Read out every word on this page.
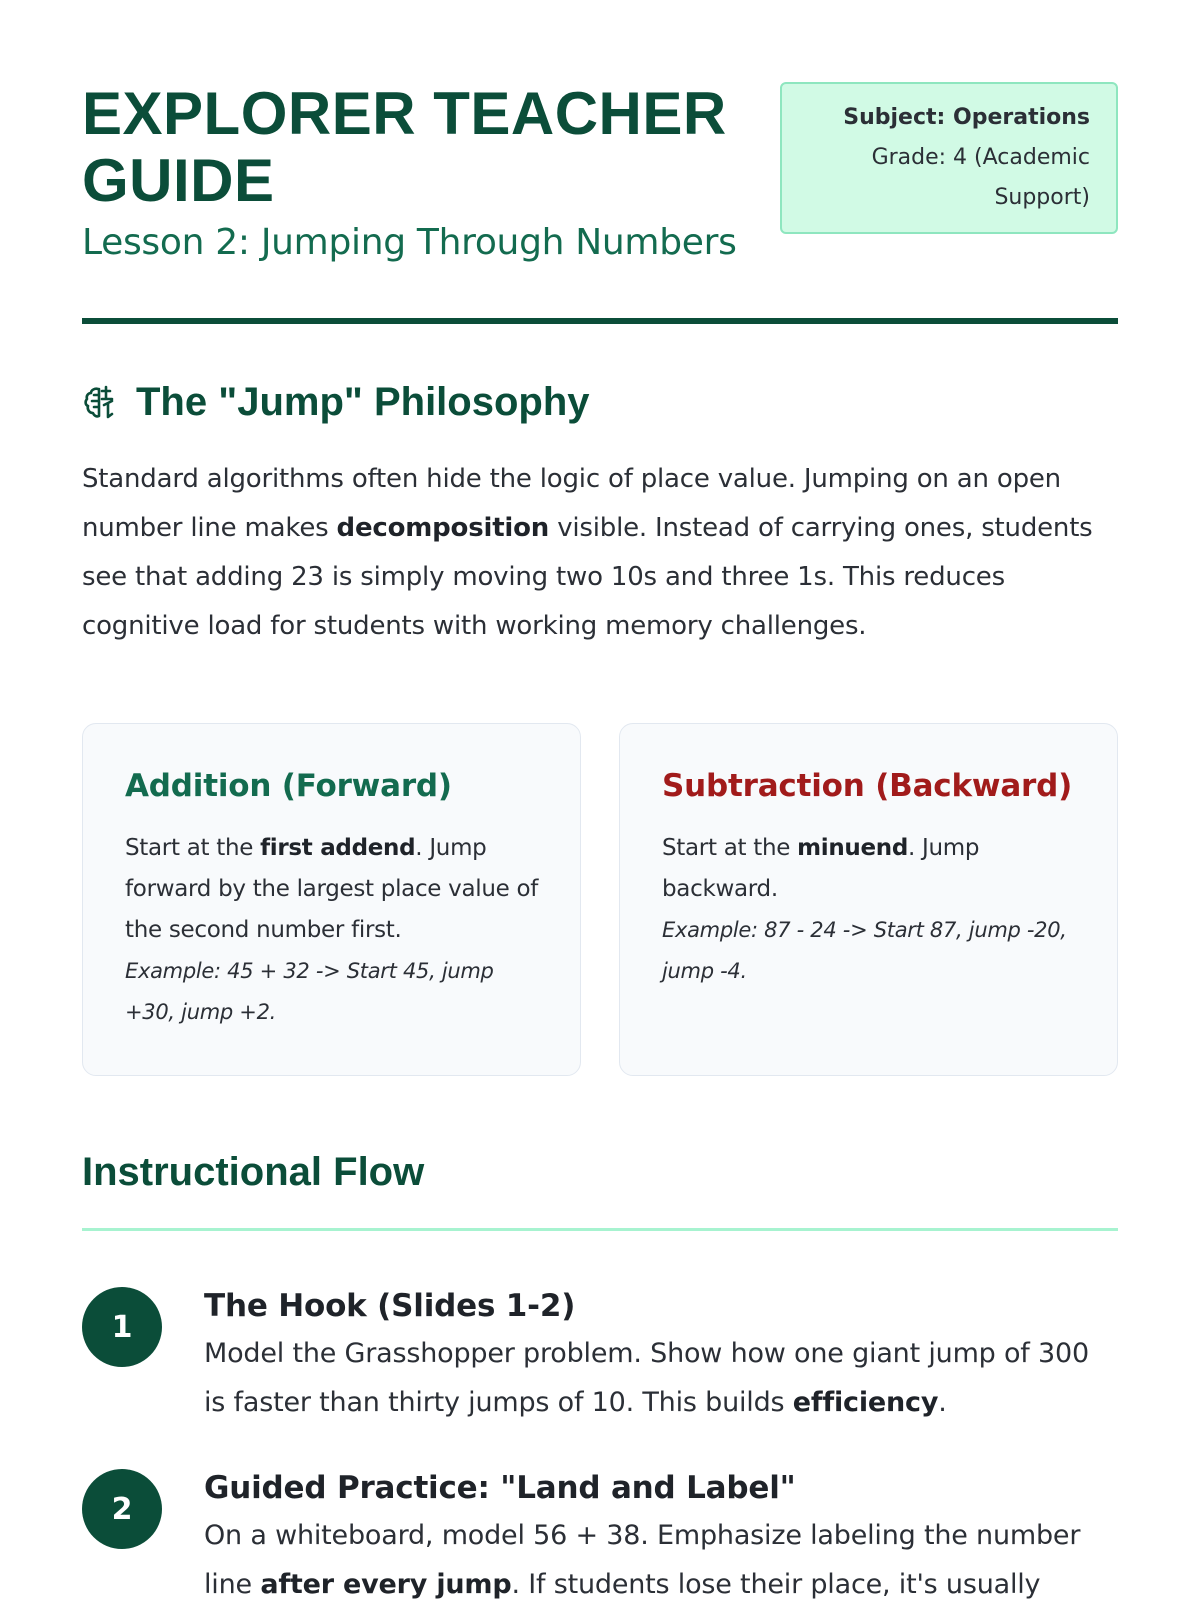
EXPLORER TEACHER GUIDE
Lesson 2: Jumping Through Numbers
Subject: Operations
Grade: 4 (Academic Support)
The "Jump" Philosophy

Standard algorithms often hide the logic of place value. Jumping on an open number line makes decomposition visible. Instead of carrying ones, students see that adding 23 is simply moving two 10s and three 1s. This reduces cognitive load for students with working memory challenges.

Addition (Forward)
Start at the first addend. Jump forward by the largest place value of the second number first.
Example: 45 + 32 -> Start 45, jump +30, jump +2.
Subtraction (Backward)
Start at the minuend. Jump backward.
Example: 87 - 24 -> Start 87, jump -20, jump -4.
Instructional Flow
1
The Hook (Slides 1-2)

Model the Grasshopper problem. Show how one giant jump of 300 is faster than thirty jumps of 10. This builds efficiency.

2
Guided Practice: "Land and Label"

On a whiteboard, model 56 + 38. Emphasize labeling the number line after every jump. If students lose their place, it's usually
